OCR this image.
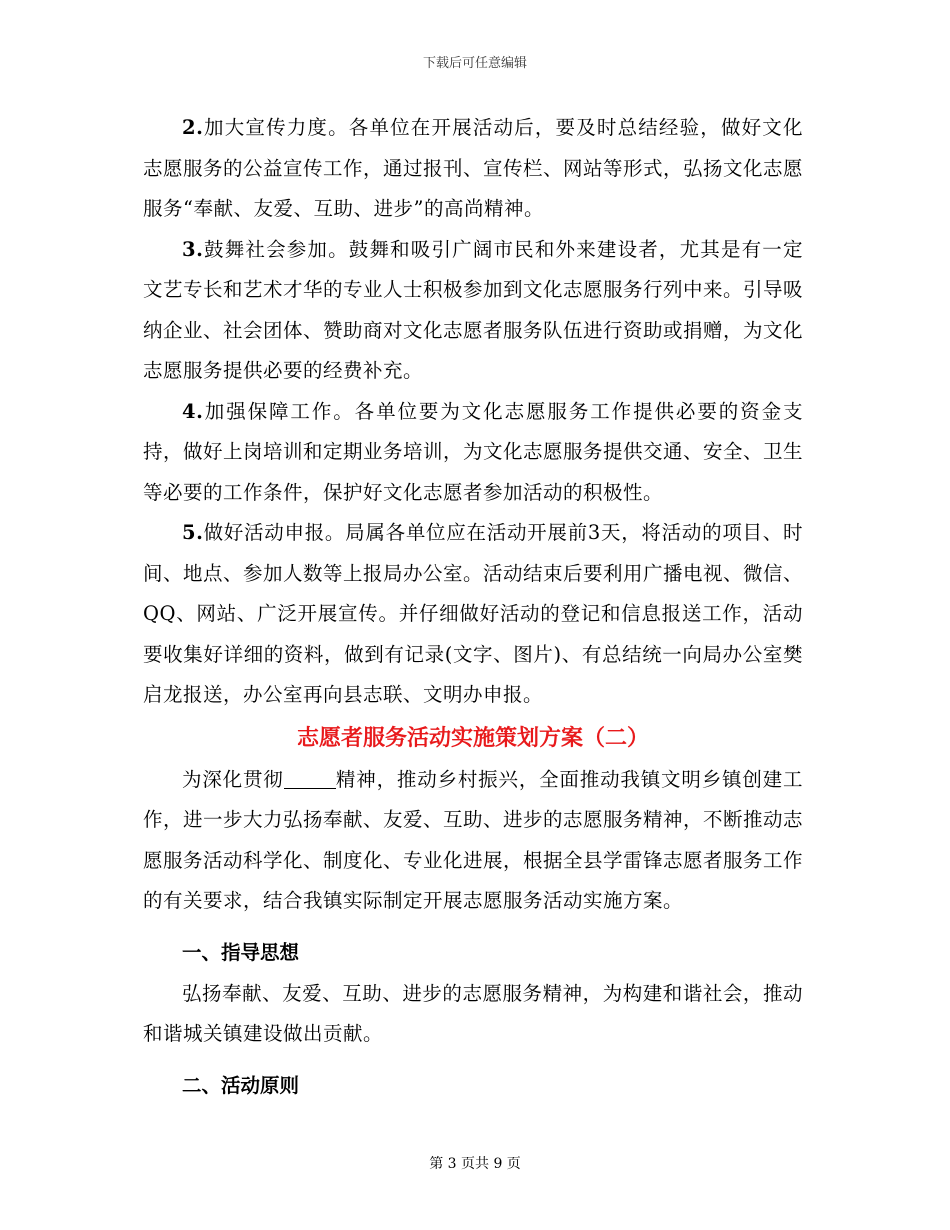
下载后可任意编辑

2.加大宣传力度。各单位在开展活动后，要及时总结经验，做好文化志愿服务的公益宣传工作，通过报刊、宣传栏、网站等形式，弘扬文化志愿服务“奉献、友爱、互助、进步”的高尚精神。

3.鼓舞社会参加。鼓舞和吸引广阔市民和外来建设者，尤其是有一定文艺专长和艺术才华的专业人士积极参加到文化志愿服务行列中来。引导吸纳企业、社会团体、赞助商对文化志愿者服务队伍进行资助或捐赠，为文化志愿服务提供必要的经费补充。

4.加强保障工作。各单位要为文化志愿服务工作提供必要的资金支持，做好上岗培训和定期业务培训，为文化志愿服务提供交通、安全、卫生等必要的工作条件，保护好文化志愿者参加活动的积极性。

5.做好活动申报。局属各单位应在活动开展前3天，将活动的项目、时间、地点、参加人数等上报局办公室。活动结束后要利用广播电视、微信、QQ、网站、广泛开展宣传。并仔细做好活动的登记和信息报送工作，活动要收集好详细的资料，做到有记录(文字、图片)、有总结统一向局办公室樊启龙报送，办公室再向县志联、文明办申报。

志愿者服务活动实施策划方案（二）

为深化贯彻	精神，推动乡村振兴，全面推动我镇文明乡镇创建工作，进一步大力弘扬奉献、友爱、互助、进步的志愿服务精神，不断推动志愿服务活动科学化、制度化、专业化进展，根据全县学雷锋志愿者服务工作的有关要求，结合我镇实际制定开展志愿服务活动实施方案。

一、指导思想

弘扬奉献、友爱、互助、进步的志愿服务精神，为构建和谐社会，推动和谐城关镇建设做出贡献。

二、活动原则
第 3 页共 9 页
